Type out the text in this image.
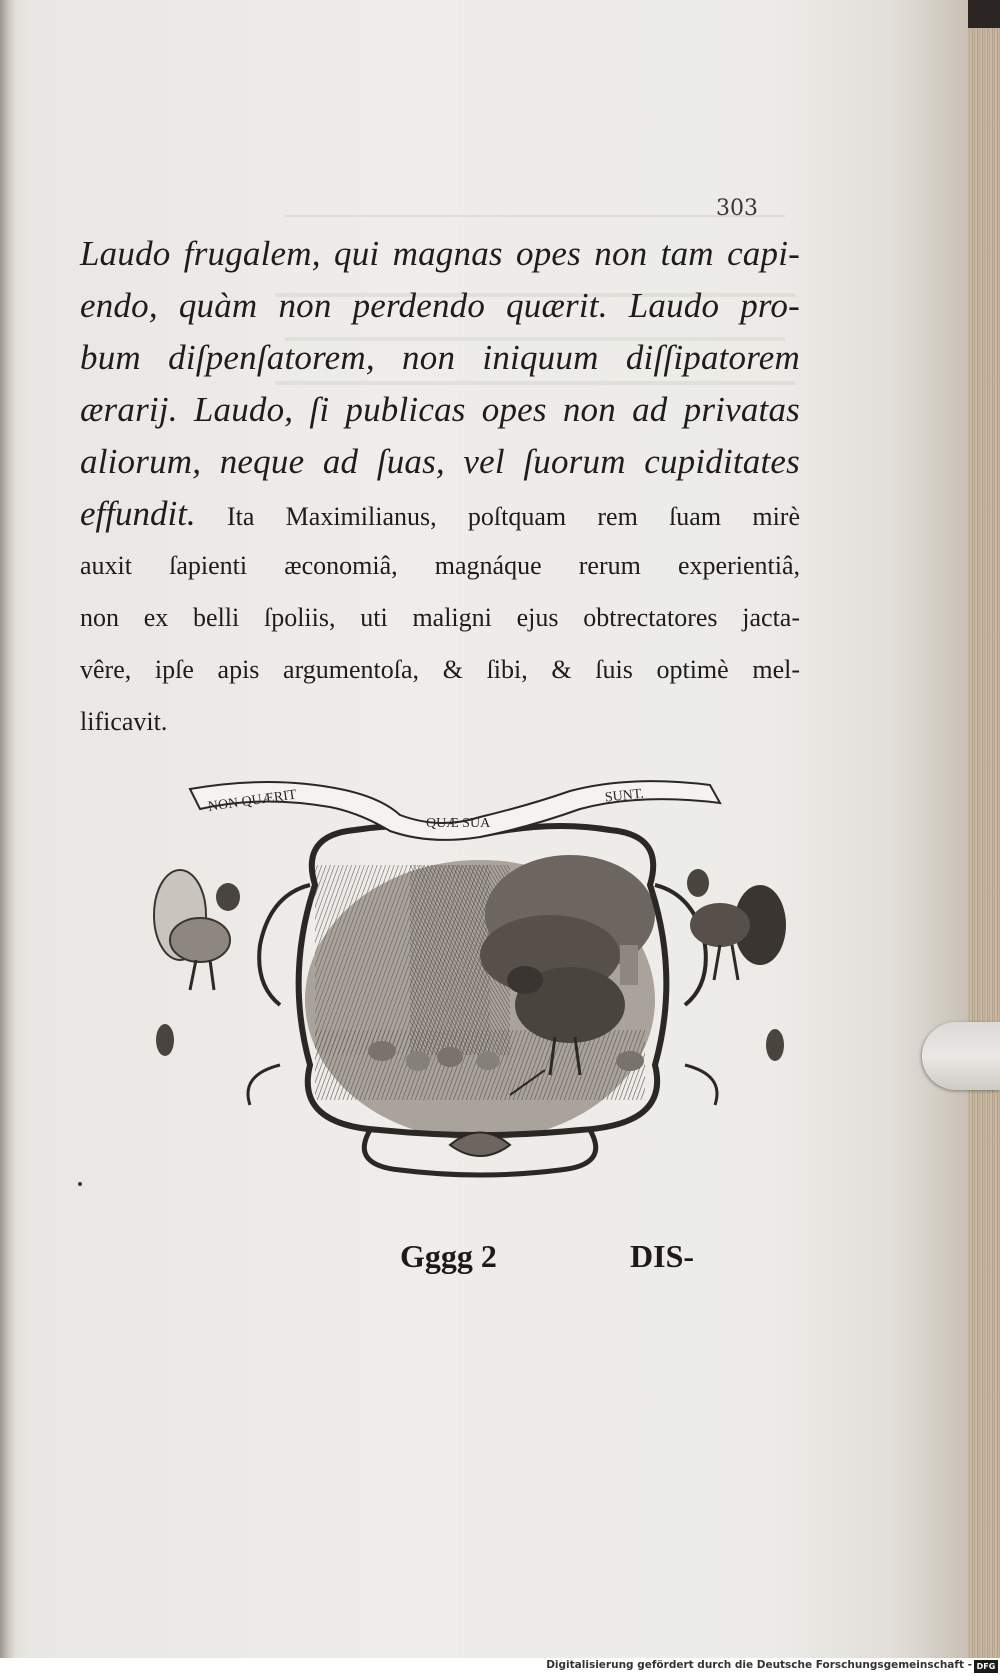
303
Laudo frugalem, qui magnas opes non tam capi-
endo, quàm non perdendo quærit. Laudo pro-
bum diſpenſatorem, non iniquum diſſipatorem
ærarij. Laudo, ſi publicas opes non ad privatas
aliorum, neque ad ſuas, vel ſuorum cupiditates
effundit. Ita Maximilianus, poſtquam rem ſuam mirè
auxit ſapienti æconomiâ, magnáque rerum experientiâ,
non ex belli ſpoliis, uti maligni ejus obtrectatores jacta-
vêre, ipſe apis argumentoſa, & ſibi, & ſuis optimè mel-
lificavit.
NON QUÆRIT
QUÆ SUA
SUNT.
Gggg 2	DIS-
Digitalisierung gefördert durch die Deutsche Forschungsgemeinschaft - DFG
